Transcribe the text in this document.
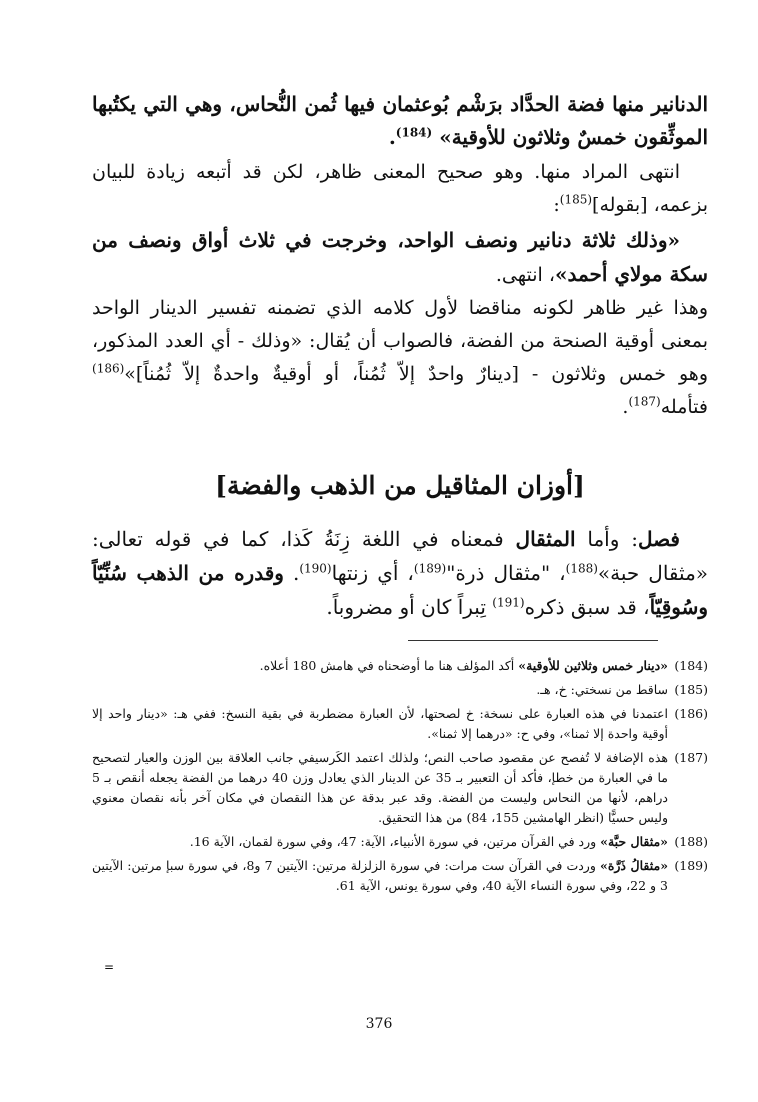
الدنانير منها فضة الحدَّاد برَشْم بُوعثمان فيها ثُمن النُّحاس، وهي التي يكتُبها الموثِّقون خمسٌ وثلاثون للأوقية» $^{(184)}$.

انتهى المراد منها. وهو صحيح المعنى ظاهر، لكن قد أتبعه زيادة للبيان بزعمه، [بقوله]$^{(185)}$:

«وذلك ثلاثة دنانير ونصف الواحد، وخرجت في ثلاث أواق ونصف من سكة مولاي أحمد»، انتهى.

وهذا غير ظاهر لكونه مناقضا لأول كلامه الذي تضمنه تفسير الدينار الواحد بمعنى أوقية الصنحة من الفضة، فالصواب أن يُقال: «وذلك - أي العدد المذكور، وهو خمس وثلاثون - [دينارٌ واحدٌ إلاّ ثُمُناً، أو أوقيةٌ واحدةٌ إلاّ ثُمُناً]»$^{(186)}$ فتأمله$^{(187)}$.

[أوزان المثاقيل من الذهب والفضة]

فصل: وأما المثقال فمعناه في اللغة زِنَةُ كَذا، كما في قوله تعالى: «مثقال حبة»$^{(188)}$، "مثقال ذرة"$^{(189)}$، أي زنتها$^{(190)}$. وقدره من الذهب سُنِّيّاً وسُوقِيّاً، قد سبق ذكره$^{(191)}$ تِبراً كان أو مضروباً.

(184)
«دينار خمس وثلاثين للأوقية» أكد المؤلف هنا ما أوضحناه في هامش 180 أعلاه.
(185)
ساقط من نسختي: خ، هـ.
(186)
اعتمدنا في هذه العبارة على نسخة: خ لصحتها، لأن العبارة مضطربة في بقية النسخ: ففي هـ: «دينار واحد إلا أوقية واحدة إلا ثمنا»، وفي ح: «درهما إلا ثمنا».
(187)
هذه الإضافة لا تُفصح عن مقصود صاحب النص؛ ولذلك اعتمد الكَرسيفي جانب العلاقة بين الوزن والعيار لتصحيح ما في العبارة من خطإ، فأكد أن التعبير بـ 35 عن الدينار الذي يعادل وزن 40 درهما من الفضة يجعله أنقص بـ 5 دراهم، لأنها من النحاس وليست من الفضة. وقد عبر بدقة عن هذا النقصان في مكان آخر بأنه نقصان معنوي وليس حسيًّا (انظر الهامشين 155، 84) من هذا التحقيق.
(188)
«مثقال حبَّة» ورد في القرآن مرتين، في سورة الأنبياء، الآية: 47، وفي سورة لقمان، الآية 16.
(189)
«مثقالُ ذَرَّة» وردت في القرآن ست مرات: في سورة الزلزلة مرتين: الآيتين 7 و8، في سورة سبإ مرتين: الآيتين 3 و 22، وفي سورة النساء الآية 40، وفي سورة يونس، الآية 61.
=
376
